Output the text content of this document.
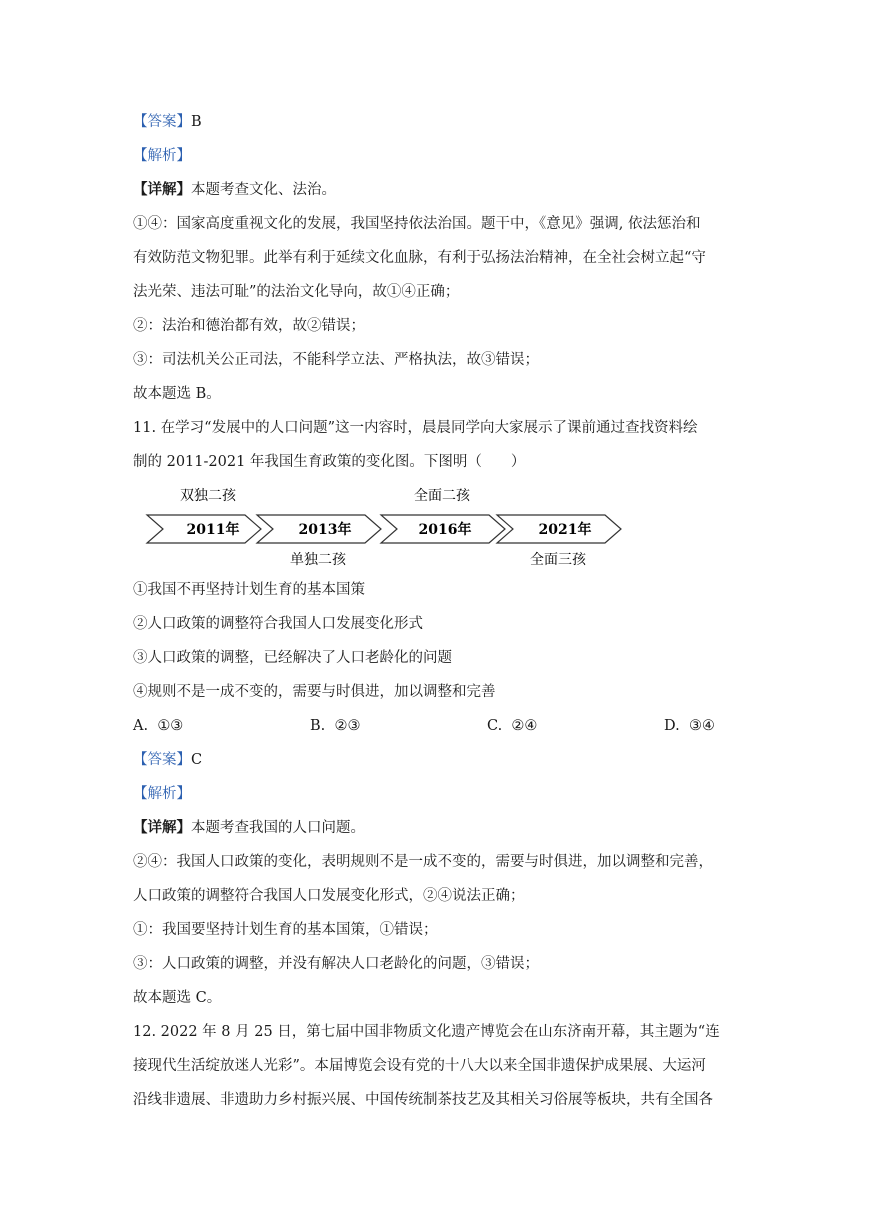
【答案】B
【解析】
【详解】本题考查文化、法治。
①④：国家高度重视文化的发展，我国坚持依法治国。题干中，《意见》强调, 依法惩治和
有效防范文物犯罪。此举有利于延续文化血脉，有利于弘扬法治精神，在全社会树立起“守
法光荣、违法可耻”的法治文化导向，故①④正确；
②：法治和德治都有效，故②错误；
③：司法机关公正司法，不能科学立法、严格执法，故③错误；
故本题选 B。
11. 在学习“发展中的人口问题”这一内容时，晨晨同学向大家展示了课前通过查找资料绘
制的 2011-2021 年我国生育政策的变化图。下图明（　　）
2011年	2013年	2016年	2021年
双独二孩	全面二孩
单独二孩	全面三孩
①我国不再坚持计划生育的基本国策
②人口政策的调整符合我国人口发展变化形式
③人口政策的调整，已经解决了人口老龄化的问题
④规则不是一成不变的，需要与时俱进，加以调整和完善
A. ①③	B. ②③	C. ②④	D. ③④
【答案】C
【解析】
【详解】本题考查我国的人口问题。
②④：我国人口政策的变化，表明规则不是一成不变的，需要与时俱进，加以调整和完善，
人口政策的调整符合我国人口发展变化形式，②④说法正确；
①：我国要坚持计划生育的基本国策，①错误；
③：人口政策的调整，并没有解决人口老龄化的问题，③错误；
故本题选 C。
12. 2022 年 8 月 25 日，第七届中国非物质文化遗产博览会在山东济南开幕，其主题为“连
接现代生活绽放迷人光彩”。本届博览会设有党的十八大以来全国非遗保护成果展、大运河
沿线非遗展、非遗助力乡村振兴展、中国传统制茶技艺及其相关习俗展等板块，共有全国各
